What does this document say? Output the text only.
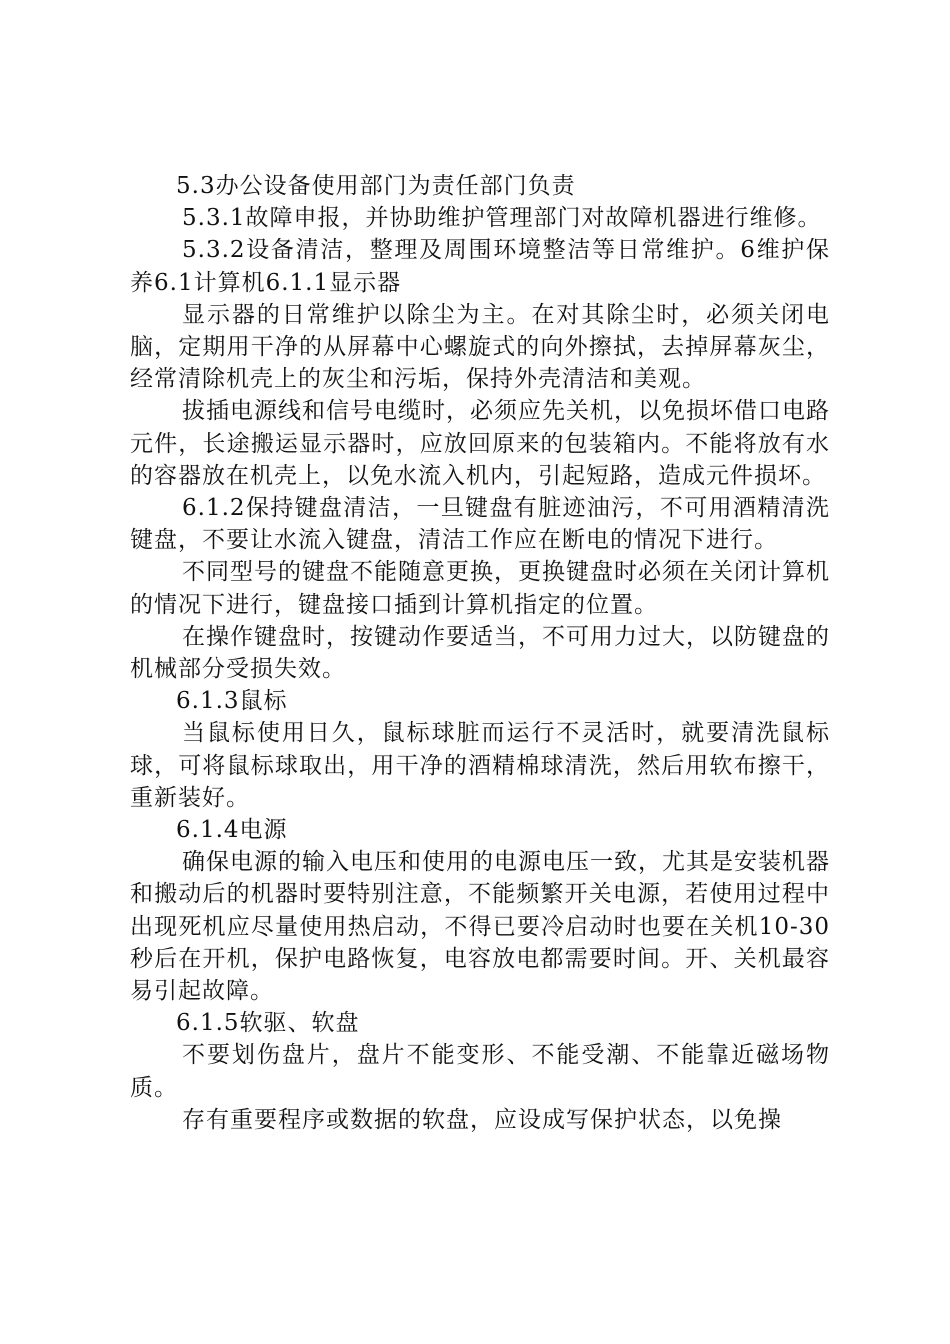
5.3办公设备使用部门为责任部门负责

5.3.1故障申报，并协助维护管理部门对故障机器进行维修。

5.3.2设备清洁，整理及周围环境整洁等日常维护。6维护保养6.1计算机6.1.1显示器

显示器的日常维护以除尘为主。在对其除尘时，必须关闭电脑，定期用干净的从屏幕中心螺旋式的向外擦拭，去掉屏幕灰尘，经常清除机壳上的灰尘和污垢，保持外壳清洁和美观。

拔插电源线和信号电缆时，必须应先关机，以免损坏借口电路元件，长途搬运显示器时，应放回原来的包装箱内。不能将放有水的容器放在机壳上，以免水流入机内，引起短路，造成元件损坏。

6.1.2保持键盘清洁，一旦键盘有脏迹油污，不可用酒精清洗键盘，不要让水流入键盘，清洁工作应在断电的情况下进行。

不同型号的键盘不能随意更换，更换键盘时必须在关闭计算机的情况下进行，键盘接口插到计算机指定的位置。

在操作键盘时，按键动作要适当，不可用力过大，以防键盘的机械部分受损失效。

6.1.3鼠标

当鼠标使用日久，鼠标球脏而运行不灵活时，就要清洗鼠标球，可将鼠标球取出，用干净的酒精棉球清洗，然后用软布擦干，重新装好。

6.1.4电源

确保电源的输入电压和使用的电源电压一致，尤其是安装机器和搬动后的机器时要特别注意，不能频繁开关电源，若使用过程中出现死机应尽量使用热启动，不得已要冷启动时也要在关机10-30秒后在开机，保护电路恢复，电容放电都需要时间。开、关机最容易引起故障。

6.1.5软驱、软盘

不要划伤盘片，盘片不能变形、不能受潮、不能靠近磁场物质。

存有重要程序或数据的软盘，应设成写保护状态，以免操
